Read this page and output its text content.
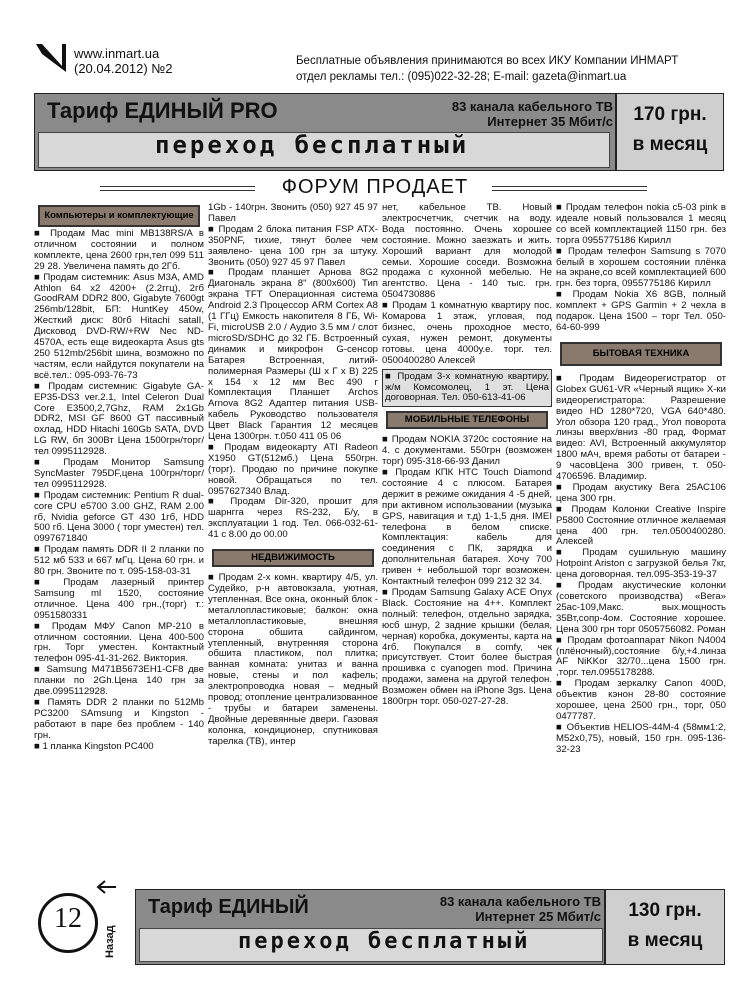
www.inmart.ua
(20.04.2012) №2	Бесплатные объявления принимаются во всех ИКУ Компании ИНМАРТ
отдел рекламы тел.: (095)022-32-28; E-mail: gazeta@inmart.ua
Тариф ЕДИНЫЙ PRO	83 канала кабельного ТВ
Интернет 35 Мбит/с
переход бесплатный
170 грн.
в месяц
ФОРУМ ПРОДАЕТ
Компьютеры и комплектующие

■ Продам Mac mini MB138RS/A в отличном состоянии и полном комплекте, цена 2600 грн,тел 099 511 29 28. Увеличена память до 2Гб.

■ Продам системник: Asus M3A, AMD Athlon 64 x2 4200+ (2.2ггц), 2гб GoodRAM DDR2 800, Gigabyte 7600gt 256mb/128bit, БП: HuntKey 450w, Жесткий диск: 80гб Hitachi satalI, Дисковод DVD-RW/+RW Nec ND-4570A, есть еще видеокарта Asus gts 250 512mb/256bit шина, возможно по частям, если найдутся покупатели на всё.тел.: 095-093-76-73

■ Продам системник: Gigabyte GA-EP35-DS3 ver.2.1, Intel Celeron Dual Core E3500,2,7Ghz, RAM 2x1Gb DDR2, MSI GF 8600 GT пассивный охлад, HDD Hitachi 160Gb SATA, DVD LG RW, бп 300Вт Цена 1500грн/торг/тел 0995112928.

■ Продам Монитор Samsung SyncMaster 795DF,цена 100грн/торг/тел 0995112928.

■ Продам системник: Pentium R dual-core CPU e5700 3.00 GHZ, RAM 2.00 гб, Nvidia geforce GT 430 1гб, HDD 500 гб. Цена 3000 ( торг уместен) тел. 0997671840

■ Продам память DDR II 2 планки по 512 мб 533 и 667 мГц. Цена 60 грн. и 80 грн. Звоните по т. 095-158-03-31

■ Продам лазерный принтер Samsung ml 1520, состояние отличное. Цена 400 грн.,(торг) т.: 0951580331

■ Продам МФУ Canon MP-210 в отличном состоянии. Цена 400-500 грн. Торг уместен. Контактный телефон 095-41-31-262. Виктория.

■ Samsung M471B5673EH1-CF8 две планки по 2Gh.Цена 140 грн за две.0995112928.

■ Память DDR 2 планки по 512Mb PC3200 SAmsung и Kingston - работают в паре без проблем - 140 грн.

■ 1 планка Kingston PC400

1Gb - 140грн. Звонить (050) 927 45 97 Павел

■ Продам 2 блока питания FSP ATX-350PNF, тихие, тянут более чем заявлено- цена 100 грн за штуку. Звонить (050) 927 45 97 Павел

■ Продам планшет Арнова 8G2 Диагональ экрана 8" (800x600) Тип экрана TFT Операционная система Android 2.3 Процессор ARM Cortex A8 (1 ГГц) Емкость накопителя 8 ГБ, Wi-Fi, microUSB 2.0 / Аудио 3.5 мм / слот microSD/SDHC до 32 ГБ. Встроенный динамик и микрофон G-сенсор Батарея Встроенная, литий-полимерная Размеры (Ш х Г х В) 225 х 154 х 12 мм Вес 490 г Комплектация Планшет Archos Arnova 8G2 Адаптер питания USB-кабель Руководство пользователя Цвет Black Гарантия 12 месяцев Цена 1300грн. т.050 411 05 06

■ Продам видеокарту ATI Radeon X1950 GT(512мб.) Цена 550грн. (торг). Продаю по причине покупке новой. Обращаться по тел. 0957627340 Влад.

■ Продам Dir-320, прошит для шарнгга через RS-232, Б/у, в эксплуатации 1 год. Тел. 066-032-61-41 с 8.00 до 00.00

НЕДВИЖИМОСТЬ

■ Продам 2-х комн. квартиру 4/5, ул. Судейко, р-н автовокзала, уютная, утепленная. Все окна, оконный блок - металлопластиковые; балкон: окна металлопластиковые, внешняя сторона обшита сайдингом, утепленный, внутренняя сторона обшита пластиком, пол плитка; ванная комната: унитаз и ванна новые, стены и пол кафель; электропроводка новая – медный провод; отопление централизованное - трубы и батареи заменены. Двойные деревянные двери. Газовая колонка, кондиционер, спутниковая тарелка (ТВ), интер

нет, кабельное ТВ. Новый электросчетчик, счетчик на воду. Вода постоянно. Очень хорошее состояние. Можно заезжать и жить. Хороший вариант для молодой семьи. Хорошие соседи. Возможна продажа с кухонной мебелью. Не агентство. Цена - 140 тыс. грн. 0504730886

■ Продам 1 комнатную квартиру пос. Комарова 1 этаж, угловая, под бизнес, очень проходное место, сухая, нужен ремонт, документы готовы. цена 4000у.е. торг. тел. 0500400280 Алексей

■ Продам 3-х комнатную квартиру, ж/м Комсомолец, 1 эт. Цена договорная. Тел. 050-613-41-06
МОБИЛЬНЫЕ ТЕЛЕФОНЫ

■ Продам NOKIA 3720c состояние на 4. с документами. 550грн (возможен торг) 095-318-66-93 Данил

■ Продам КПК HTC Touch Diamond состояние 4 с плюсом. Батарея держит в режиме ожидания 4 -5 дней, при активном использовании (музыка GPS, навигация и т.д) 1-1,5 дня. IMEI телефона в белом списке. Комплектация: кабель для соединения с ПК, зарядка и дополнительная батарея. Хочу 700 гривен + небольшой торг возможен. Контактный телефон 099 212 32 34.

■ Продам Samsung Galaxy ACE Onyx Black. Состояние на 4++. Комплект полный: телефон, отдельно зарядка, юсб шнур, 2 задние крышки (белая, черная) коробка, документы, карта на 4гб. Покупался в comfy, чек присутствует. Стоит более быстрая прошивка с cyanogen mod. Причина продажи, замена на другой телефон. Возможен обмен на iPhone 3gs. Цена 1800грн торг. 050-027-27-28.

■ Продам телефон nokia c5-03 pink в идеале новый пользовался 1 месяц со всей комплектацией 1150 грн. без торга 0955775186 Кирилл

■ Продам телефон Samsung s 7070 белый в хорошем состоянии плёнка на экране,со всей комплектацией 600 грн. без торга, 0955775186 Кирилл

■ Продам Nokia X6 8GB, полный комплект + GPS Garmin + 2 чехла в подарок. Цена 1500 – торг Тел. 050-64-60-999

БЫТОВАЯ ТЕХНИКА

■ Продам Видеорегистратор от Globex GU61-VR «Черный ящик» Х-ки видеорегистратора: Разрешение видео HD 1280*720, VGA 640*480. Угол обзора 120 град., Угол поворота линзы вверх/вниз -80 град, Формат видео: AVI, Встроенный аккумулятор 1800 мАч, время работы от батареи - 9 часовЦена 300 гривен, т. 050-4706596. Владимир.

■ Продам акустику Вега 25АС106 цена 300 грн.

■ Продам Колонки Creative Inspire P5800 Состояние отличное желаемая цена 400 грн. тел.0500400280. Алексей

■ Продам сушильную машину Hotpoint Ariston с загрузкой белья 7кг, цена договорная. тел.095-353-19-37

■ Продам акустические колонки (советского производства) «Вега» 25ас-109,Макс. вых.мощность 35Вт,сопр-4ом. Состояние хорошее. Цена 300 грн торг 0505756082. Роман

■ Продам фотоаппарат Nikon N4004 (плёночный),состояние б/у,+4.линза AF NiKKor 32/70...цена 1500 грн. ,торг. тел.0955178288.

■ Продам зеркалку Canon 400D, объектив кэнон 28-80 состояние хорошее, цена 2500 грн., торг, 050 0477787.

■ Объектив HELIOS-44M-4 (58мм1:2, M52x0,75), новый, 150 грн. 095-136-32-23

Тариф ЕДИНЫЙ	83 канала кабельного ТВ
Интернет 25 Мбит/с
переход бесплатный
130 грн.
в месяц
12
Назад
